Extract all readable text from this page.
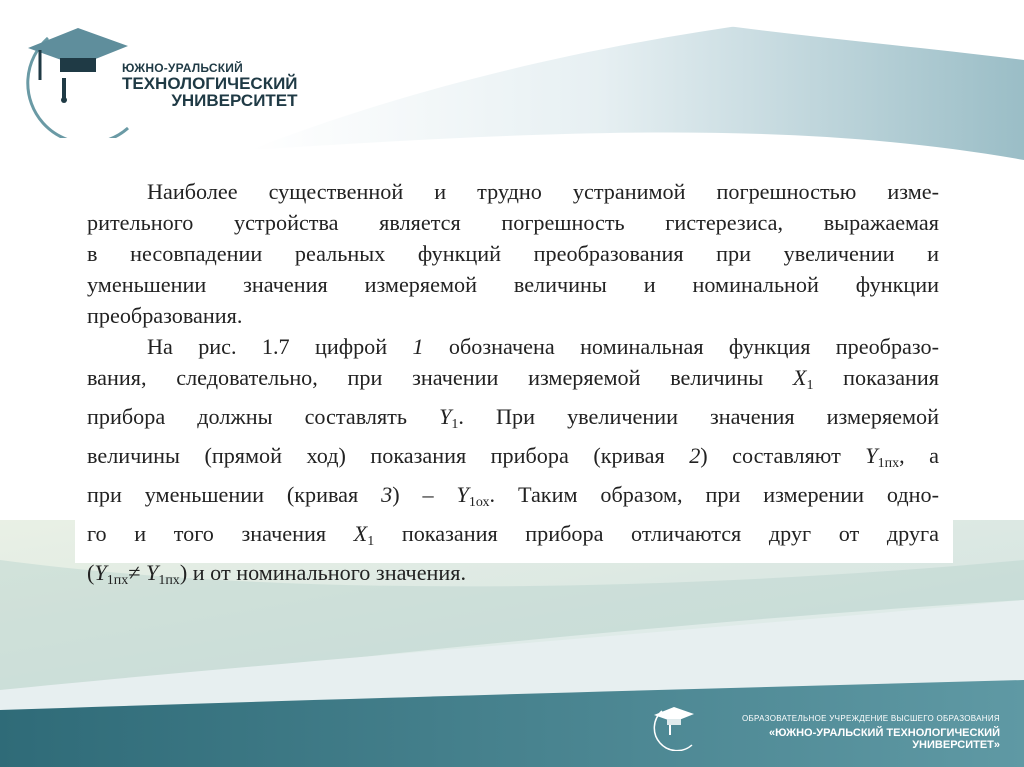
ЮЖНО-УРАЛЬСКИЙ
ТЕХНОЛОГИЧЕСКИЙ
УНИВЕРСИТЕТ

Наиболее существенной и трудно устранимой погрешностью изме-

рительного устройства является погрешность гистерезиса, выражаемая

в несовпадении реальных функций преобразования при увеличении и

уменьшении значения измеряемой величины и номинальной функции

преобразования.

На рис. 1.7 цифрой 1 обозначена номинальная функция преобразо-

вания, следовательно, при значении измеряемой величины $X_1$ показания

прибора должны составлять $Y_1$. При увеличении значения измеряемой

величины (прямой ход) показания прибора (кривая 2) составляют $Y_{1пх}$, а

при уменьшении (кривая $3) - Y_{1ох}$. Таким образом, при измерении одно-

го и того значения $X_1$ показания прибора отличаются друг от друга

$(Y_{1пх}\ne Y_{1пх})$ и от номинального значения.

ОБРАЗОВАТЕЛЬНОЕ УЧРЕЖДЕНИЕ ВЫСШЕГО ОБРАЗОВАНИЯ
«ЮЖНО-УРАЛЬСКИЙ ТЕХНОЛОГИЧЕСКИЙ УНИВЕРСИТЕТ»
